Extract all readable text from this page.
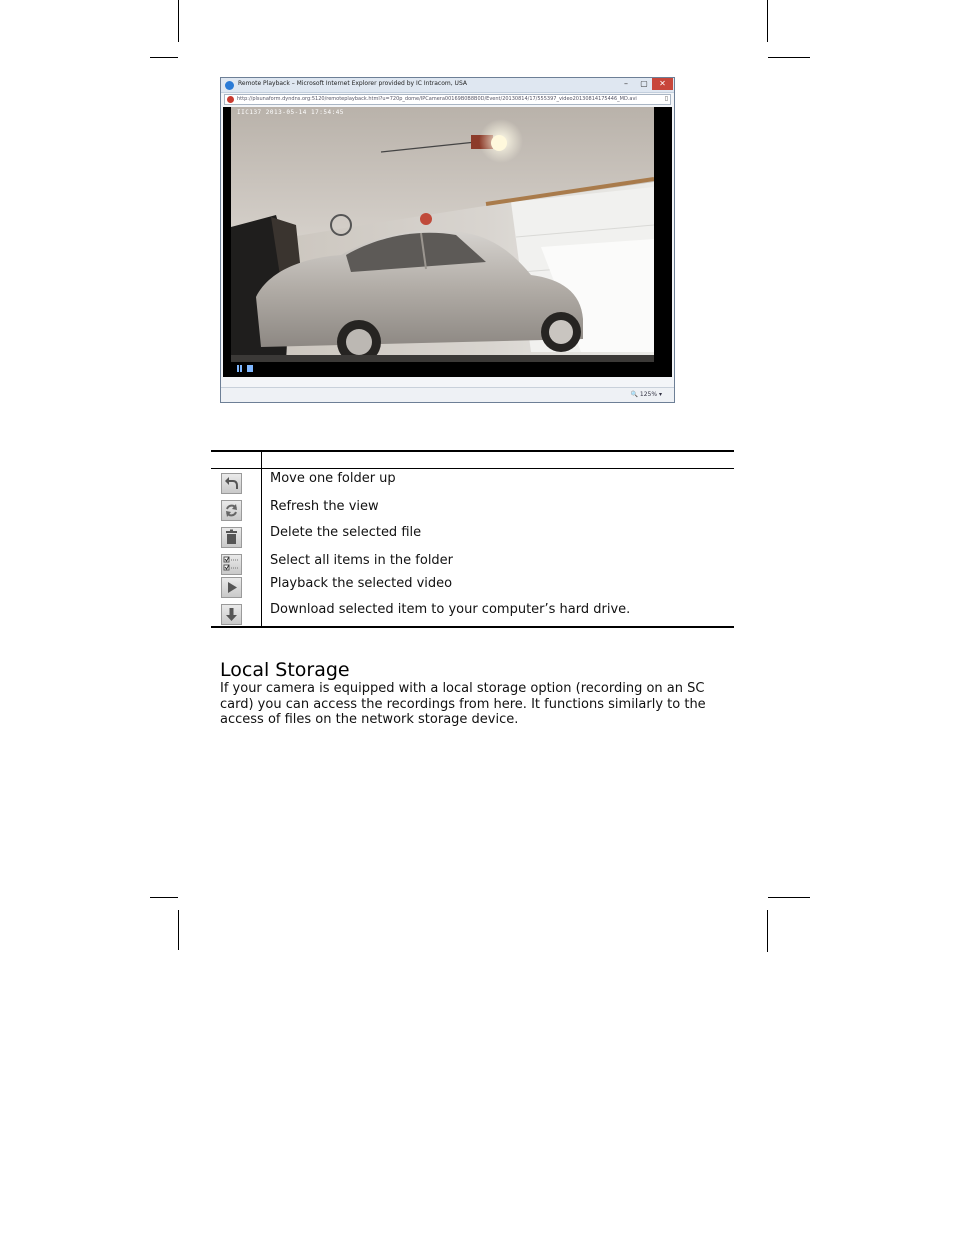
Remote Playback – Microsoft Internet Explorer provided by IC Intracom, USA	–	▢	✕
http://plsunaform.dyndns.org:5120/remoteplayback.html?u=720p_dome/IPCamera00169B0B8B0D/Event/20130814/17/555397_video20130814175446_MD.avi	▯
IIC137 2013-05-14 17:54:45
🔍 125% ▾
Move one folder up
Refresh the view
Delete the selected file
Select all items in the folder
Playback the selected video
Download selected item to your computer’s hard drive.
Local Storage

If your camera is equipped with a local storage option (recording on an SC card) you can access the recordings from here. It functions similarly to the access of files on the network storage device.
